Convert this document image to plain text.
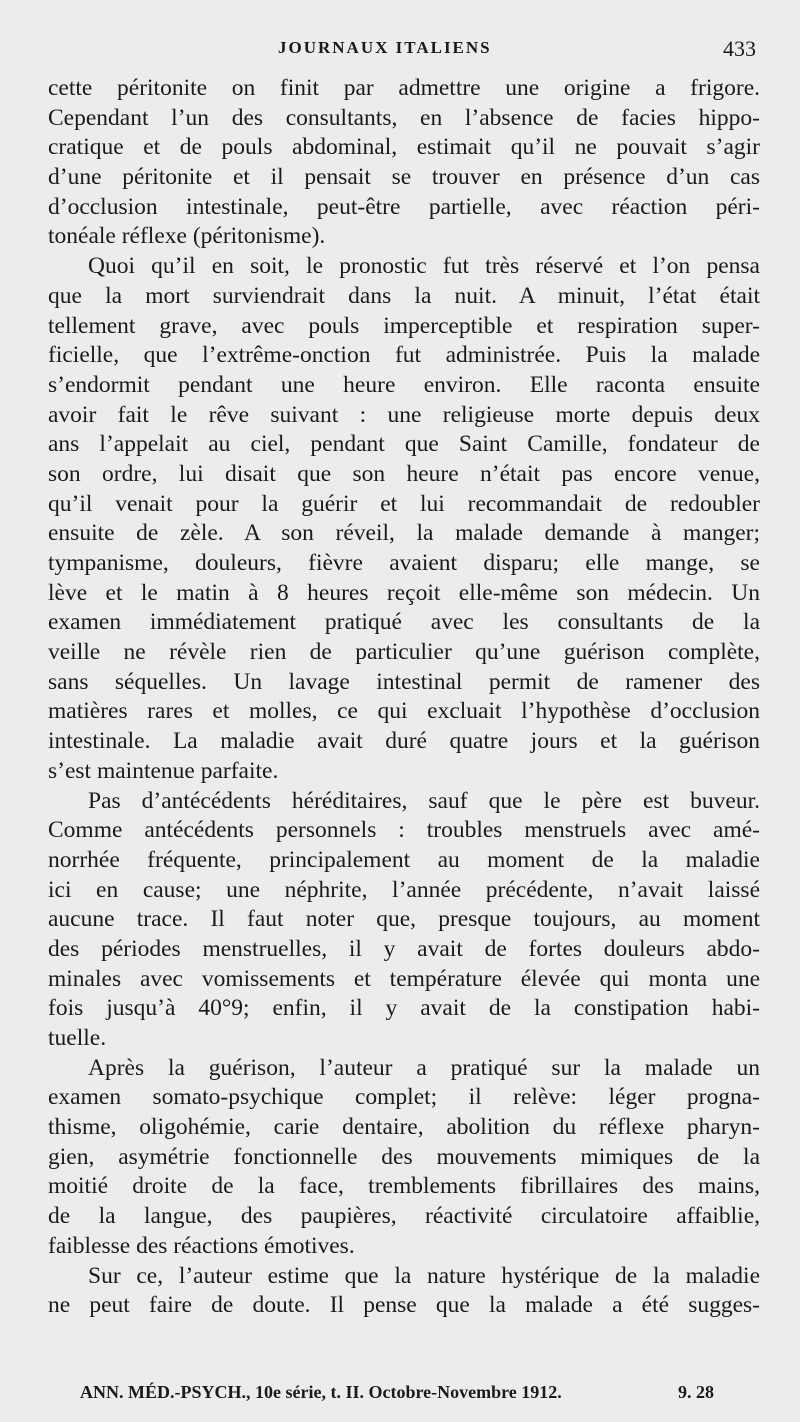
JOURNAUX ITALIENS	433
cette péritonite on finit par admettre une origine a frigore.
Cependant l’un des consultants, en l’absence de facies hippo-
cratique et de pouls abdominal, estimait qu’il ne pouvait s’agir
d’une péritonite et il pensait se trouver en présence d’un cas
d’occlusion intestinale, peut-être partielle, avec réaction péri-
tonéale réflexe (péritonisme).
Quoi qu’il en soit, le pronostic fut très réservé et l’on pensa
que la mort surviendrait dans la nuit. A minuit, l’état était
tellement grave, avec pouls imperceptible et respiration super-
ficielle, que l’extrême-onction fut administrée. Puis la malade
s’endormit pendant une heure environ. Elle raconta ensuite
avoir fait le rêve suivant : une religieuse morte depuis deux
ans l’appelait au ciel, pendant que Saint Camille, fondateur de
son ordre, lui disait que son heure n’était pas encore venue,
qu’il venait pour la guérir et lui recommandait de redoubler
ensuite de zèle. A son réveil, la malade demande à manger;
tympanisme, douleurs, fièvre avaient disparu; elle mange, se
lève et le matin à 8 heures reçoit elle-même son médecin. Un
examen immédiatement pratiqué avec les consultants de la
veille ne révèle rien de particulier qu’une guérison complète,
sans séquelles. Un lavage intestinal permit de ramener des
matières rares et molles, ce qui excluait l’hypothèse d’occlusion
intestinale. La maladie avait duré quatre jours et la guérison
s’est maintenue parfaite.
Pas d’antécédents héréditaires, sauf que le père est buveur.
Comme antécédents personnels : troubles menstruels avec amé-
norrhée fréquente, principalement au moment de la maladie
ici en cause; une néphrite, l’année précédente, n’avait laissé
aucune trace. Il faut noter que, presque toujours, au moment
des périodes menstruelles, il y avait de fortes douleurs abdo-
minales avec vomissements et température élevée qui monta une
fois jusqu’à 40°9; enfin, il y avait de la constipation habi-
tuelle.
Après la guérison, l’auteur a pratiqué sur la malade un
examen somato-psychique complet; il relève: léger progna-
thisme, oligohémie, carie dentaire, abolition du réflexe pharyn-
gien, asymétrie fonctionnelle des mouvements mimiques de la
moitié droite de la face, tremblements fibrillaires des mains,
de la langue, des paupières, réactivité circulatoire affaiblie,
faiblesse des réactions émotives.
Sur ce, l’auteur estime que la nature hystérique de la maladie
ne peut faire de doute. Il pense que la malade a été sugges-
ANN. MÉD.-PSYCH., 10e série, t. II. Octobre-Novembre 1912.	9. 28
